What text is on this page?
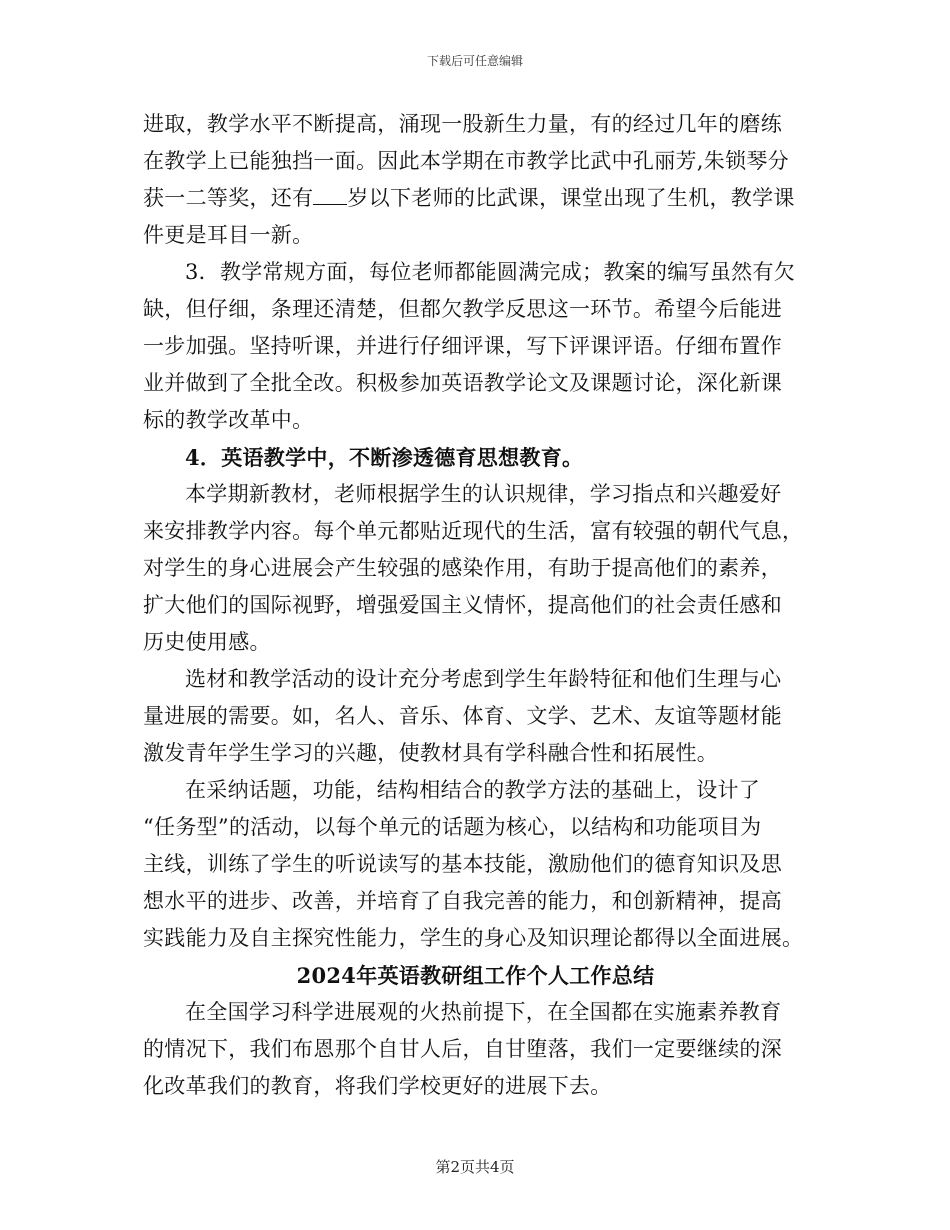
下载后可任意编辑
进取，教学水平不断提高，涌现一股新生力量，有的经过几年的磨练
在教学上已能独挡一面。因此本学期在市教学比武中孔丽芳,朱锁琴分
获一二等奖，还有 岁以下老师的比武课，课堂出现了生机，教学课
件更是耳目一新。
3．教学常规方面，每位老师都能圆满完成；教案的编写虽然有欠
缺，但仔细，条理还清楚，但都欠教学反思这一环节。希望今后能进
一步加强。坚持听课，并进行仔细评课，写下评课评语。仔细布置作
业并做到了全批全改。积极参加英语教学论文及课题讨论，深化新课
标的教学改革中。
4．英语教学中，不断渗透德育思想教育。
本学期新教材，老师根据学生的认识规律，学习指点和兴趣爱好
来安排教学内容。每个单元都贴近现代的生活，富有较强的朝代气息，
对学生的身心进展会产生较强的感染作用，有助于提高他们的素养，
扩大他们的国际视野，增强爱国主义情怀，提高他们的社会责任感和
历史使用感。
选材和教学活动的设计充分考虑到学生年龄特征和他们生理与心
量进展的需要。如，名人、音乐、体育、文学、艺术、友谊等题材能
激发青年学生学习的兴趣，使教材具有学科融合性和拓展性。
在采纳话题，功能，结构相结合的教学方法的基础上，设计了
“任务型”的活动，以每个单元的话题为核心，以结构和功能项目为
主线，训练了学生的听说读写的基本技能，激励他们的德育知识及思
想水平的进步、改善，并培育了自我完善的能力，和创新精神，提高
实践能力及自主探究性能力，学生的身心及知识理论都得以全面进展。
2024年英语教研组工作个人工作总结
在全国学习科学进展观的火热前提下，在全国都在实施素养教育
的情况下，我们布恩那个自甘人后，自甘堕落，我们一定要继续的深
化改革我们的教育，将我们学校更好的进展下去。
第2页共4页
